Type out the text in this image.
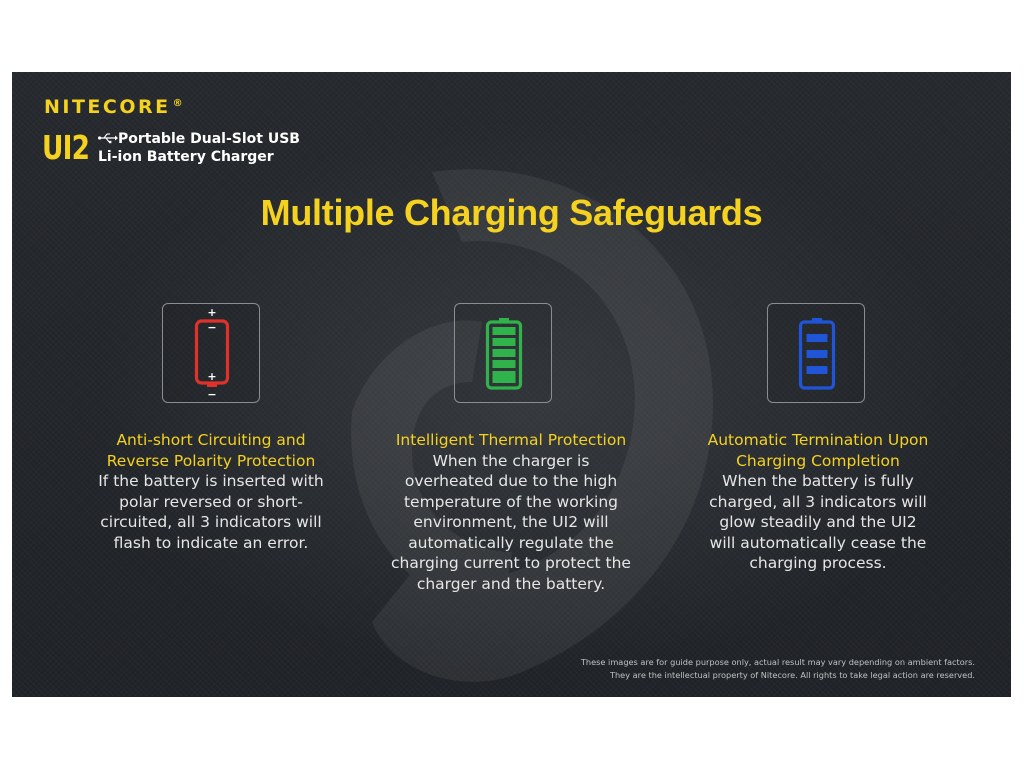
NITECORE ®
UI2	Portable Dual-Slot USB
Li-ion Battery Charger
Multiple Charging Safeguards
+
−
+
−
Anti-short Circuiting and
Reverse Polarity Protection
If the battery is inserted with
polar reversed or short-
circuited, all 3 indicators will
flash to indicate an error.
Intelligent Thermal Protection
When the charger is
overheated due to the high
temperature of the working
environment, the UI2 will
automatically regulate the
charging current to protect the
charger and the battery.
Automatic Termination Upon
Charging Completion
When the battery is fully
charged, all 3 indicators will
glow steadily and the UI2
will automatically cease the
charging process.
These images are for guide purpose only, actual result may vary depending on ambient factors.
They are the intellectual property of Nitecore. All rights to take legal action are reserved.
